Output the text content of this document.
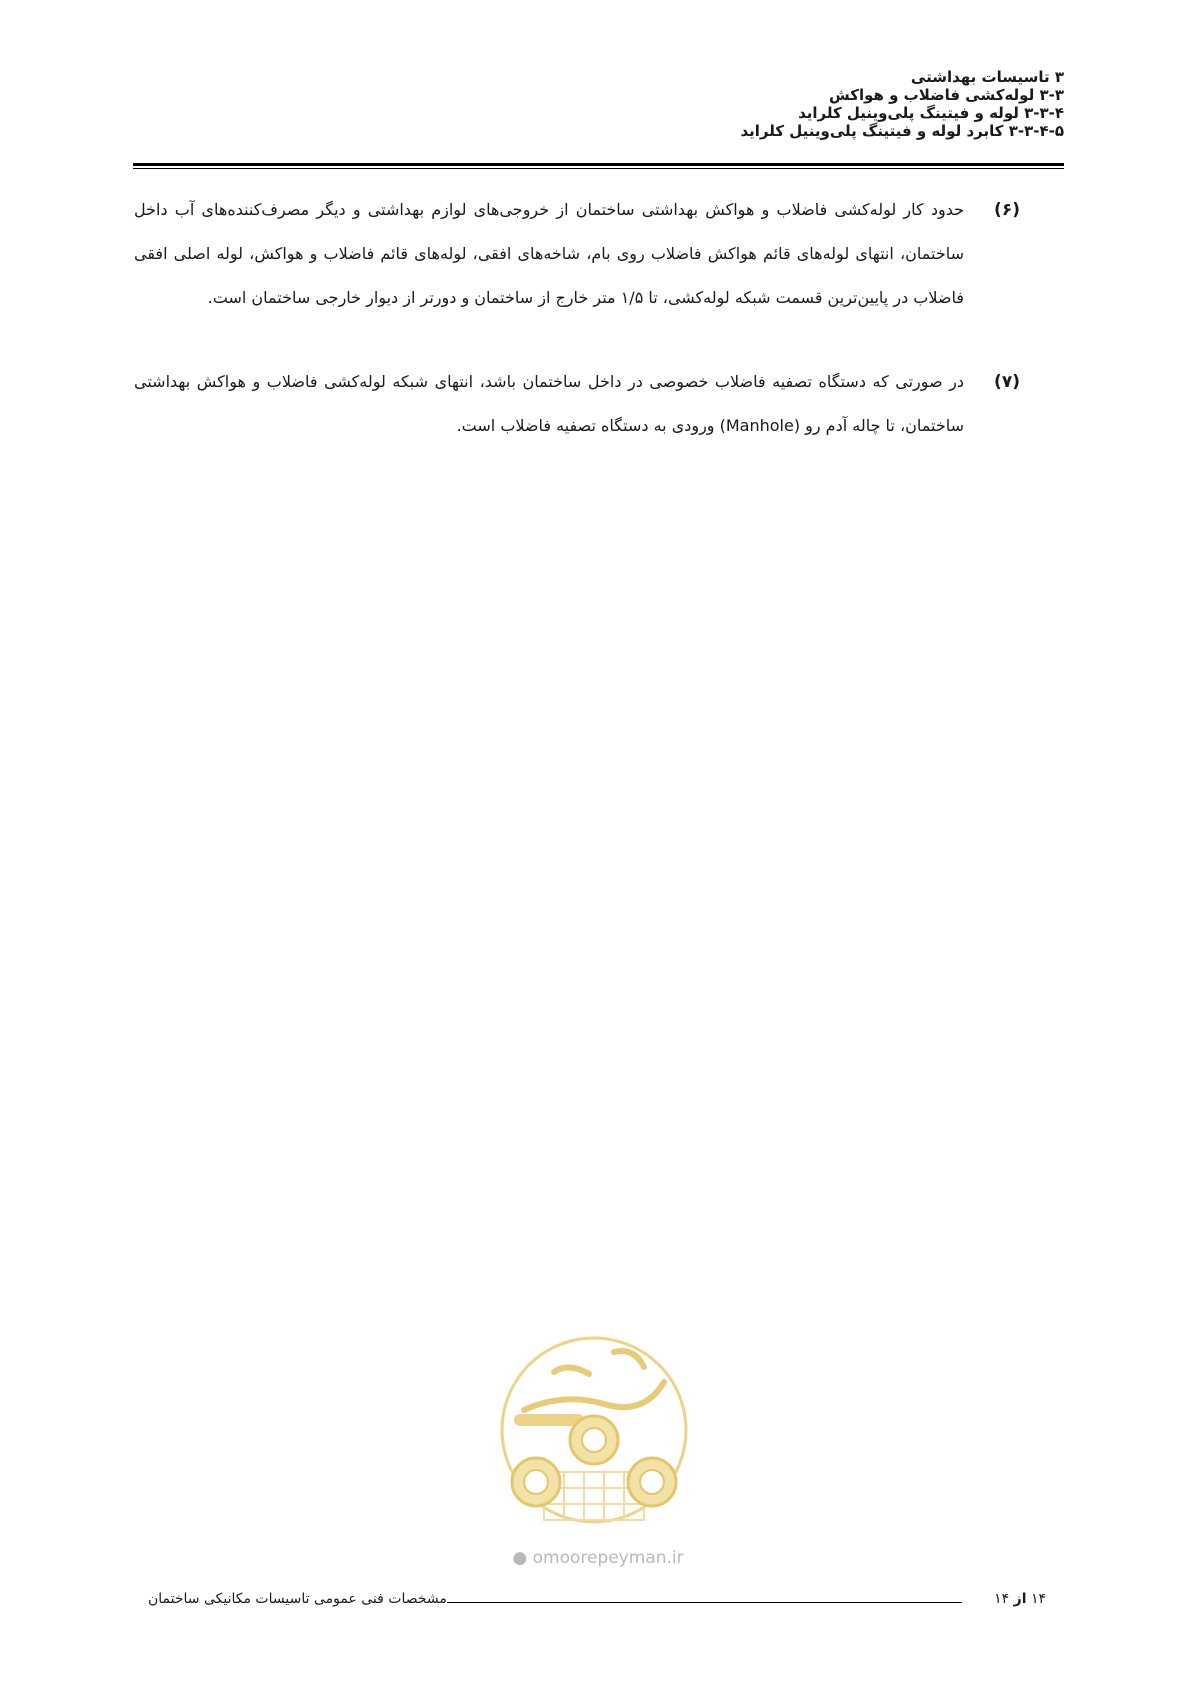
۳ تاسیسات بهداشتی
۳-۳ لوله‌کشی فاضلاب و هواکش
۳-۳-۴ لوله و فیتینگ پلی‌وینیل کلراید
۳-۳-۴-۵ کابرد لوله و فیتینگ پلی‌وینیل کلراید
(۶)
حدود کار لوله‌کشی فاضلاب و هواکش بهداشتی ساختمان از خروجی‌های لوازم بهداشتی و دیگر مصرف‌کننده‌های آب داخل ساختمان، انتهای لوله‌های قائم هواکش فاضلاب روی بام، شاخه‌های افقی، لوله‌های قائم فاضلاب و هواکش، لوله اصلی افقی فاضلاب در پایین‌ترین قسمت شبکه لوله‌کشی، تا ۱/۵ متر خارج از ساختمان و دورتر از دیوار خارجی ساختمان است.
(۷)
در صورتی که دستگاه تصفیه فاضلاب خصوصی در داخل ساختمان باشد، انتهای شبکه لوله‌کشی فاضلاب و هواکش بهداشتی ساختمان، تا چاله آدم رو (Manhole) ورودی به دستگاه تصفیه فاضلاب است.
● omoorepeyman.ir
۱۴ از ۱۴
مشخصات فنی عمومی تاسیسات مکانیکی ساختمان
